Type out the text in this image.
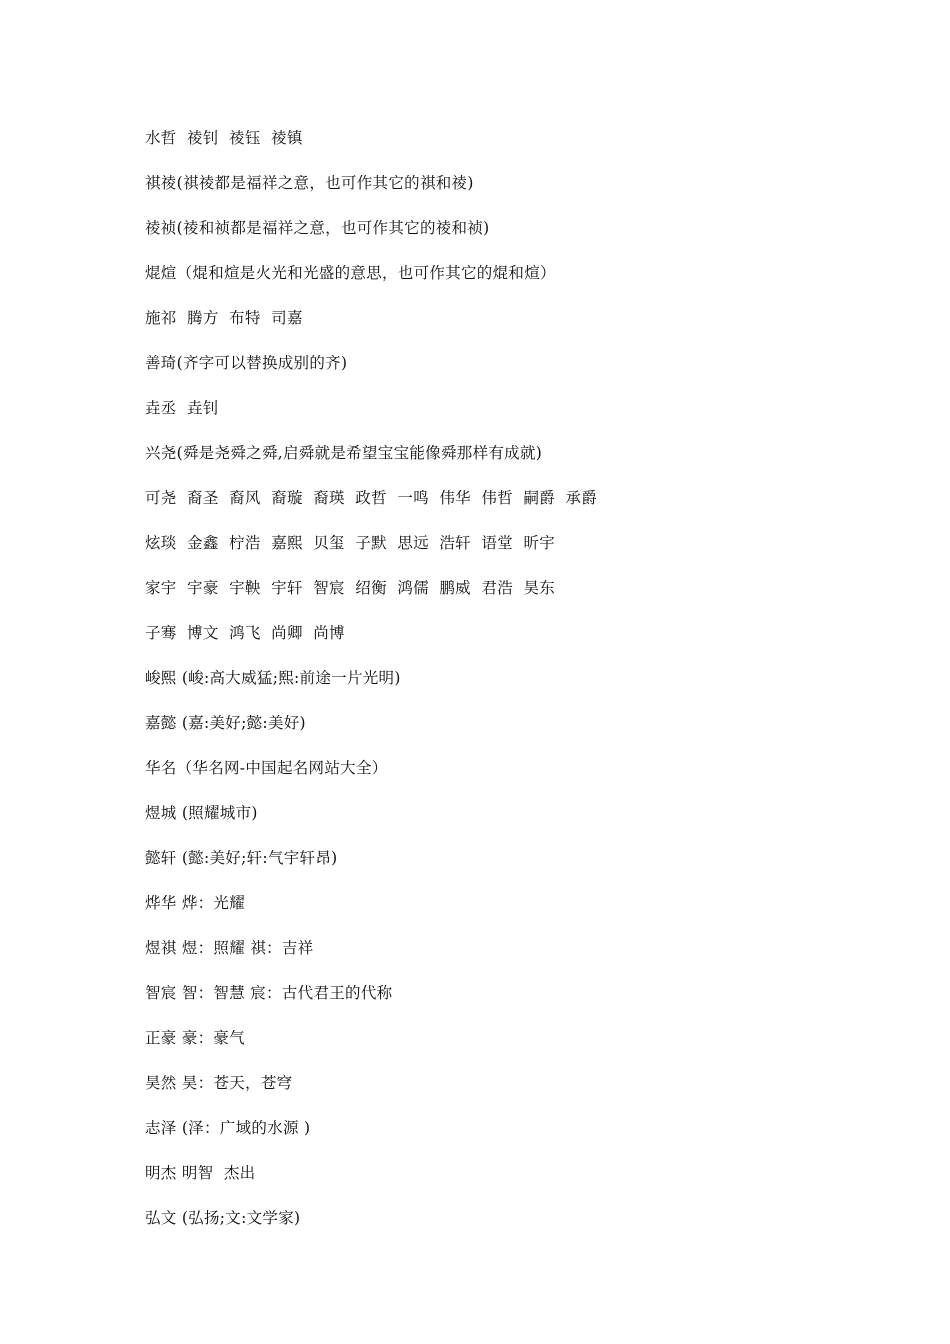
水哲  祾钊  祾钰  祾镇
祺祾(祺祾都是福祥之意，也可作其它的祺和祾)
祾祯(祾和祯都是福祥之意，也可作其它的祾和祯)
焜煊（焜和煊是火光和光盛的意思，也可作其它的焜和煊）
施祁  腾方  布特  司嘉
善琦(齐字可以替换成别的齐)
垚丞  垚钊
兴尧(舜是尧舜之舜,启舜就是希望宝宝能像舜那样有成就)
可尧  裔圣  裔风  裔璇  裔瑛  政哲  一鸣  伟华  伟哲  嗣爵  承爵
炫琰  金鑫  柠浩  嘉熙  贝玺  子默  思远  浩轩  语堂  昕宇
家宇  宇豪  宇鞅  宇轩  智宸  绍衡  鸿儒  鹏威  君浩  昊东
子骞  博文  鸿飞  尚卿  尚博
峻熙 (峻:高大威猛;熙:前途一片光明)
嘉懿 (嘉:美好;懿:美好)
华名（华名网-中国起名网站大全）
煜城 (照耀城市)
懿轩 (懿:美好;轩:气宇轩昂)
烨华 烨：光耀
煜祺 煜：照耀 祺：吉祥
智宸 智：智慧 宸：古代君王的代称
正豪 豪：豪气
昊然 昊：苍天，苍穹
志泽 (泽：广域的水源 )
明杰 明智  杰出
弘文 (弘扬;文:文学家)
